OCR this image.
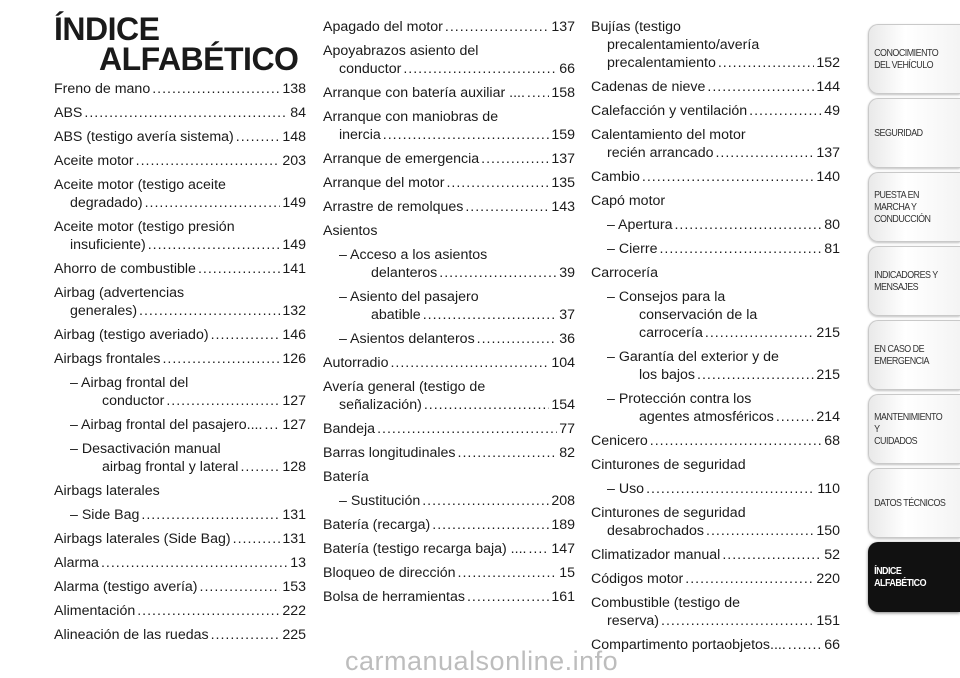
ÍNDICE
ALFABÉTICO
Freno de mano .....	138
ABS .....	84
ABS (testigo avería sistema) .....	148
Aceite motor .....	203
Aceite motor (testigo aceite
degradado) .....	149
Aceite motor (testigo presión
insuficiente) .....	149
Ahorro de combustible .....	141
Airbag (advertencias
generales) .....	132
Airbag (testigo averiado) .....	146
Airbags frontales .....	126
– Airbag frontal del
conductor .....	127
– Airbag frontal del pasajero.... ..... 127
– Desactivación manual
airbag frontal y lateral .....	128
Airbags laterales
– Side Bag .....	131
Airbags laterales (Side Bag) .....	131
Alarma .....	13
Alarma (testigo avería) .....	153
Alimentación .....	222
Alineación de las ruedas .....	225
Apagado del motor .....	137
Apoyabrazos asiento del
conductor .....	66
Arranque con batería auxiliar .... ..... 158
Arranque con maniobras de
inercia .....	159
Arranque de emergencia .....	137
Arranque del motor .....	135
Arrastre de remolques .....	143
Asientos
– Acceso a los asientos
delanteros .....	39
– Asiento del pasajero
abatible .....	37
– Asientos delanteros .....	36
Autorradio .....	104
Avería general (testigo de
señalización) .....	154
Bandeja .....	77
Barras longitudinales .....	82
Batería
– Sustitución .....	208
Batería (recarga) .....	189
Batería (testigo recarga baja) .... ..... 147
Bloqueo de dirección .....	15
Bolsa de herramientas .....	161
Bujías (testigo
precalentamiento/avería
precalentamiento .....	152
Cadenas de nieve .....	144
Calefacción y ventilación .....	49
Calentamiento del motor
recién arrancado .....	137
Cambio .....	140
Capó motor
– Apertura .....	80
– Cierre .....	81
Carrocería
– Consejos para la
conservación de la
carrocería .....	215
– Garantía del exterior y de
los bajos .....	215
– Protección contra los
agentes atmosféricos .....	214
Cenicero .....	68
Cinturones de seguridad
– Uso .....	110
Cinturones de seguridad
desabrochados .....	150
Climatizador manual .....	52
Códigos motor .....	220
Combustible (testigo de
reserva) .....	151
Compartimento portaobjetos.... .....	66
CONOCIMIENTO
DEL VEHÍCULO
SEGURIDAD
PUESTA EN
MARCHA Y
CONDUCCIÓN
INDICADORES Y
MENSAJES
EN CASO DE
EMERGENCIA
MANTENIMIENTO Y
CUIDADOS
DATOS TÉCNICOS
ÍNDICE
ALFABÉTICO
carmanualsonline.info
